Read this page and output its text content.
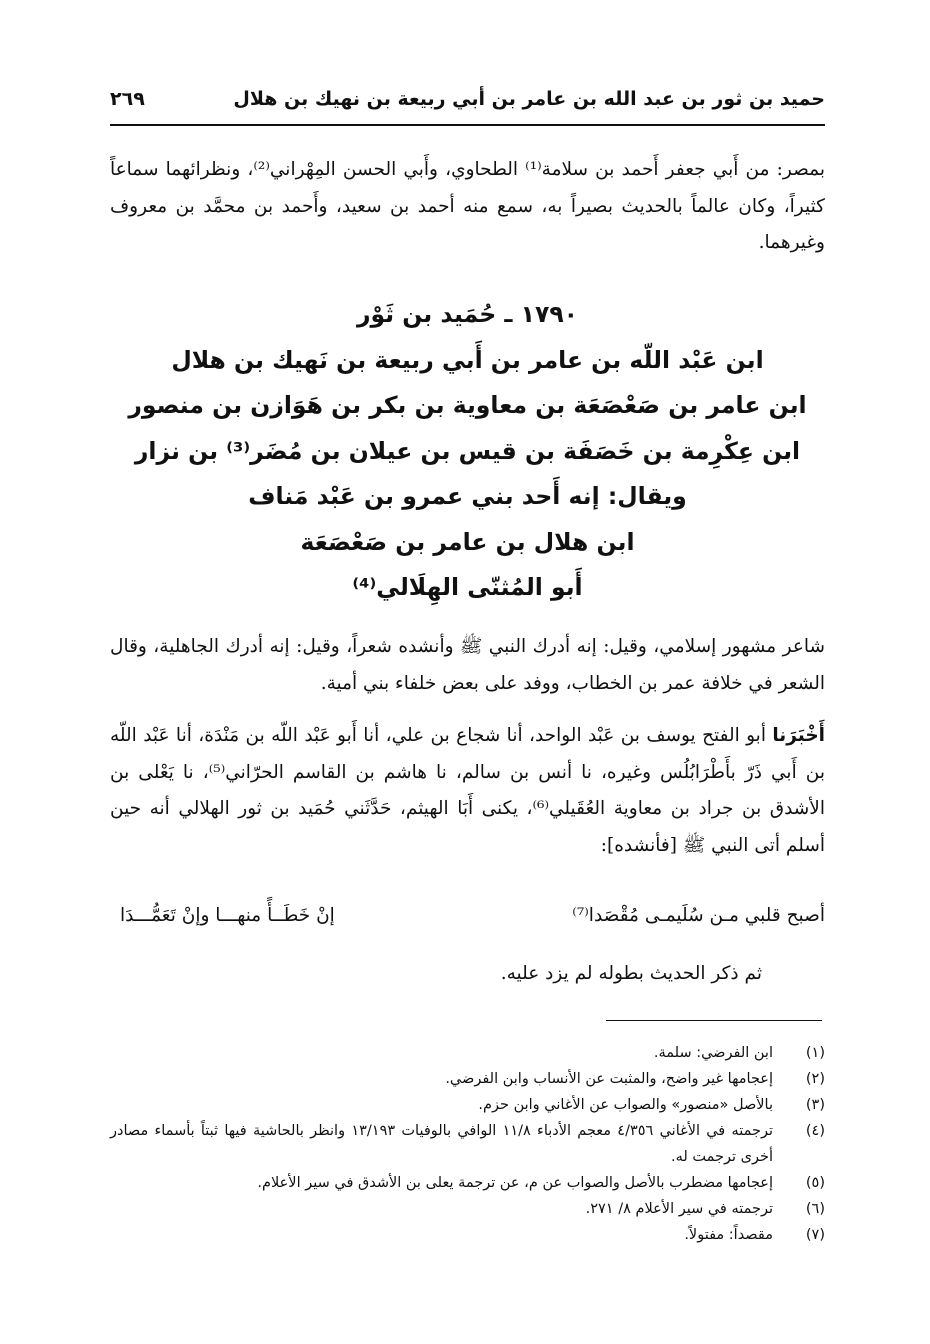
حميد بن ثور بن عبد الله بن عامر بن أبي ربيعة بن نهيك بن هلال
٢٦٩
بمصر: من أَبي جعفر أَحمد بن سلامة⁽¹⁾ الطحاوي، وأَبي الحسن المِهْراني⁽²⁾، ونظرائهما سماعاً كثيراً، وكان عالماً بالحديث بصيراً به، سمع منه أحمد بن سعيد، وأَحمد بن محمَّد بن معروف وغيرهما.
١٧٩٠ ـ حُمَيد بن ثَوْر
ابن عَبْد اللّه بن عامر بن أَبي ربيعة بن نَهيك بن هلال
ابن عامر بن صَعْصَعَة بن معاوية بن بكر بن هَوَازن بن منصور
ابن عِكْرِمة بن خَصَفَة بن قيس بن عيلان بن مُضَر⁽³⁾ بن نزار
ويقال: إنه أَحد بني عمرو بن عَبْد مَناف
ابن هلال بن عامر بن صَعْصَعَة
أَبو المُثنّى الهِلَالي⁽⁴⁾
شاعر مشهور إسلامي، وقيل: إنه أدرك النبي ﷺ وأنشده شعراً، وقيل: إنه أدرك الجاهلية، وقال الشعر في خلافة عمر بن الخطاب، ووفد على بعض خلفاء بني أمية.
أَخْبَرَنا أبو الفتح يوسف بن عَبْد الواحد، أنا شجاع بن علي، أنا أَبو عَبْد اللّه بن مَنْدَة، أنا عَبْد اللّه بن أَبي ذَرّ بأَطْرَابُلُس وغيره، نا أنس بن سالم، نا هاشم بن القاسم الحرّاني⁽⁵⁾، نا يَعْلى بن الأشدق بن جراد بن معاوية العُقَيلي⁽⁶⁾، يكنى أَبَا الهيثم، حَدَّثَني حُمَيد بن ثور الهلالي أنه حين أسلم أتى النبي ﷺ [فأنشده]:
أصبح قلبي مـن سُلَيمـى مُقْصَدا⁽⁷⁾
إنْ خَطَــأً منهـــا وإنْ تَعَمُّـــدَا
ثم ذكر الحديث بطوله لم يزد عليه.
(١)
ابن الفرضي: سلمة.
(٢)
إعجامها غير واضح، والمثبت عن الأنساب وابن الفرضي.
(٣)
بالأصل «منصور» والصواب عن الأغاني وابن حزم.
(٤)
ترجمته في الأغاني ٤/٣٥٦ معجم الأدباء ١١/٨ الوافي بالوفيات ١٣/١٩٣ وانظر بالحاشية فيها ثبتاً بأسماء مصادر أخرى ترجمت له.
(٥)
إعجامها مضطرب بالأصل والصواب عن م، عن ترجمة يعلى بن الأشدق في سير الأعلام.
(٦)
ترجمته في سير الأعلام ٨/ ٢٧١.
(٧)
مقصداً: مفتولاً.
